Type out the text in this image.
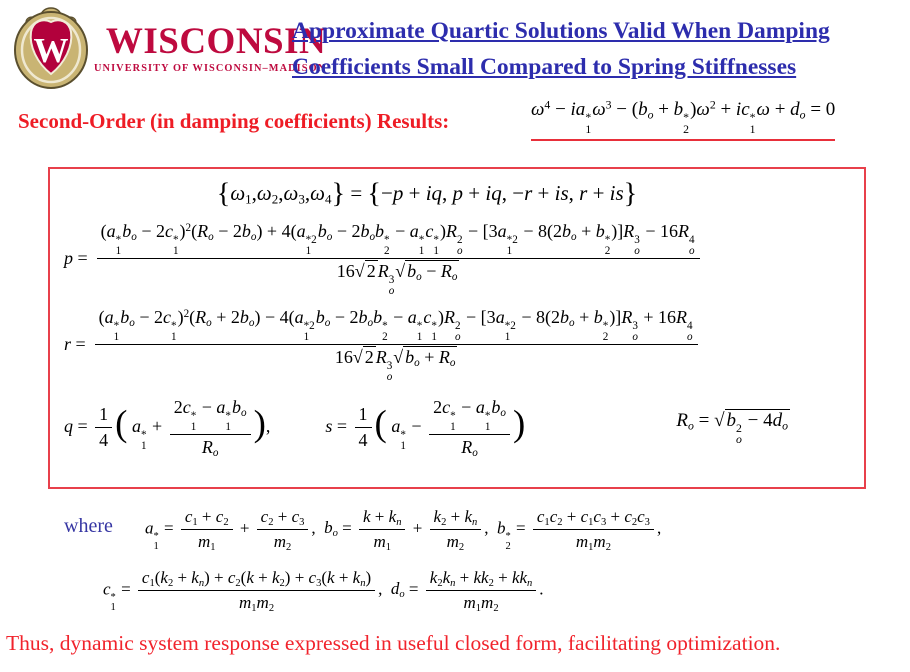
W WISCONSIN
UNIVERSITY OF WISCONSIN–MADISON
Approximate Quartic Solutions Valid When Damping
Coefficients Small Compared to Spring Stiffnesses
Second-Order (in damping coefficients) Results:	$\omega^4$ − ia *
1
$\omega^3 - (b_o + b$ *
2
)$\omega^2$ + ic *
1
$\omega + d_o = 0$
$\{\omega_1,\omega_2,\omega_3,\omega_4\} = \{-p$ + iq, p + iq, −r + is, r + is}
p =
(a *
1
$b_o - 2c$ *
1
)$^2(R_o - 2b_o) + 4(a$ *2
1
$b_o - 2b_ob$ *
2
− a *
1
c *
1
)R 2
o
− [3a *2
1
− $8(2b_o + b$ *
2
)]R 3
o
− 16R 4
o
16√ 2 R 3
o
√ $b_o - R_o$
r =
(a *
1
$b_o - 2c$ *
1
)$^2(R_o + 2b_o) - 4(a$ *2
1
$b_o - 2b_ob$ *
2
− a *
1
c *
1
)R 2
o
− [3a *2
1
− $8(2b_o + b$ *
2
)]R 3
o
+ 16R 4
o
16√ 2 R 3
o
√ $b_o + R_o$
$q = \frac{1}{4}$ ( a *
1
+ 2c *
1
− a *
1
$b_o$
$R_o$ ),	$s = \frac{1}{4}$ ( a *
1
− 2c *
1
− a *
1
$b_o$
$R_o$ )	$R_o$ = √ b 2
o
− $4d_o$
where a *
1
= $\frac{c_1 + c_2}{m_1} + \frac{c_2 + c_3}{m_2}$ ,  $b_o = \frac{k + k_n}{m_1} + \frac{k_2 + k_n}{m_2}$ ,  b *
2
= $\frac{c_1c_2 + c_1c_3 + c_2c_3}{m_1m_2}$ ,
c *
1
= $\frac{c_1(k_2 + k_n) + c_2(k + k_2) + c_3(k + k_n)}{m_1m_2}$ ,  $d_o$ =
$k_2k_n + kk_2 + kk_n$
$m_1m_2$
.
Thus, dynamic system response expressed in useful closed form, facilitating optimization.
